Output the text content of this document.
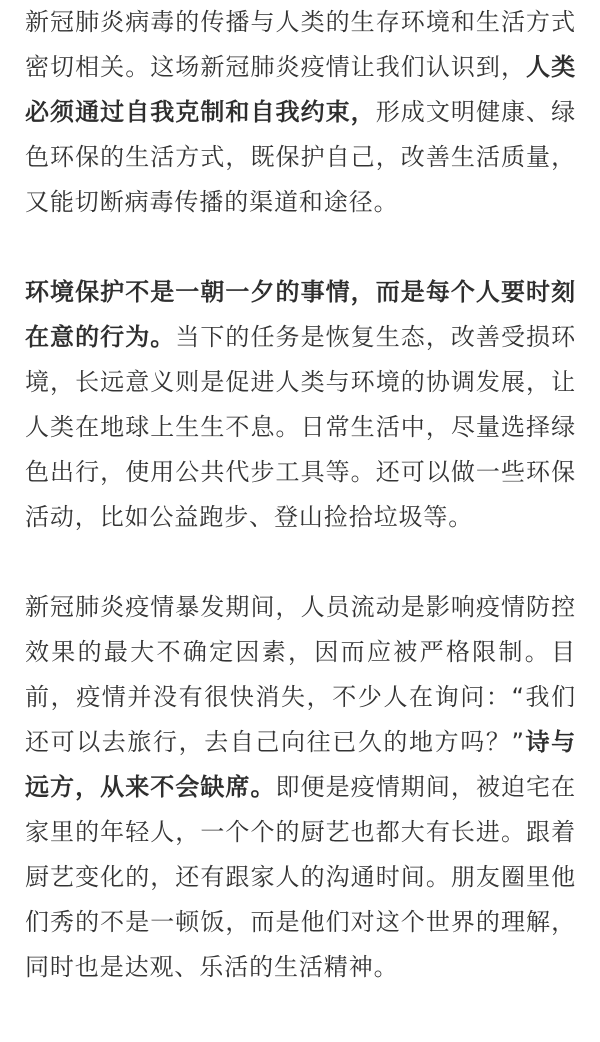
新冠肺炎病毒的传播与人类的生存环境和生活方式密切相关。这场新冠肺炎疫情让我们认识到，人类必须通过自我克制和自我约束，形成文明健康、绿色环保的生活方式，既保护自己，改善生活质量，又能切断病毒传播的渠道和途径。

环境保护不是一朝一夕的事情，而是每个人要时刻在意的行为。当下的任务是恢复生态，改善受损环境，长远意义则是促进人类与环境的协调发展，让人类在地球上生生不息。日常生活中，尽量选择绿色出行，使用公共代步工具等。还可以做一些环保活动，比如公益跑步、登山捡拾垃圾等。

新冠肺炎疫情暴发期间，人员流动是影响疫情防控效果的最大不确定因素，因而应被严格限制。目前，疫情并没有很快消失，不少人在询问：“我们还可以去旅行，去自己向往已久的地方吗？”诗与远方，从来不会缺席。即便是疫情期间，被迫宅在家里的年轻人，一个个的厨艺也都大有长进。跟着厨艺变化的，还有跟家人的沟通时间。朋友圈里他们秀的不是一顿饭，而是他们对这个世界的理解，同时也是达观、乐活的生活精神。
